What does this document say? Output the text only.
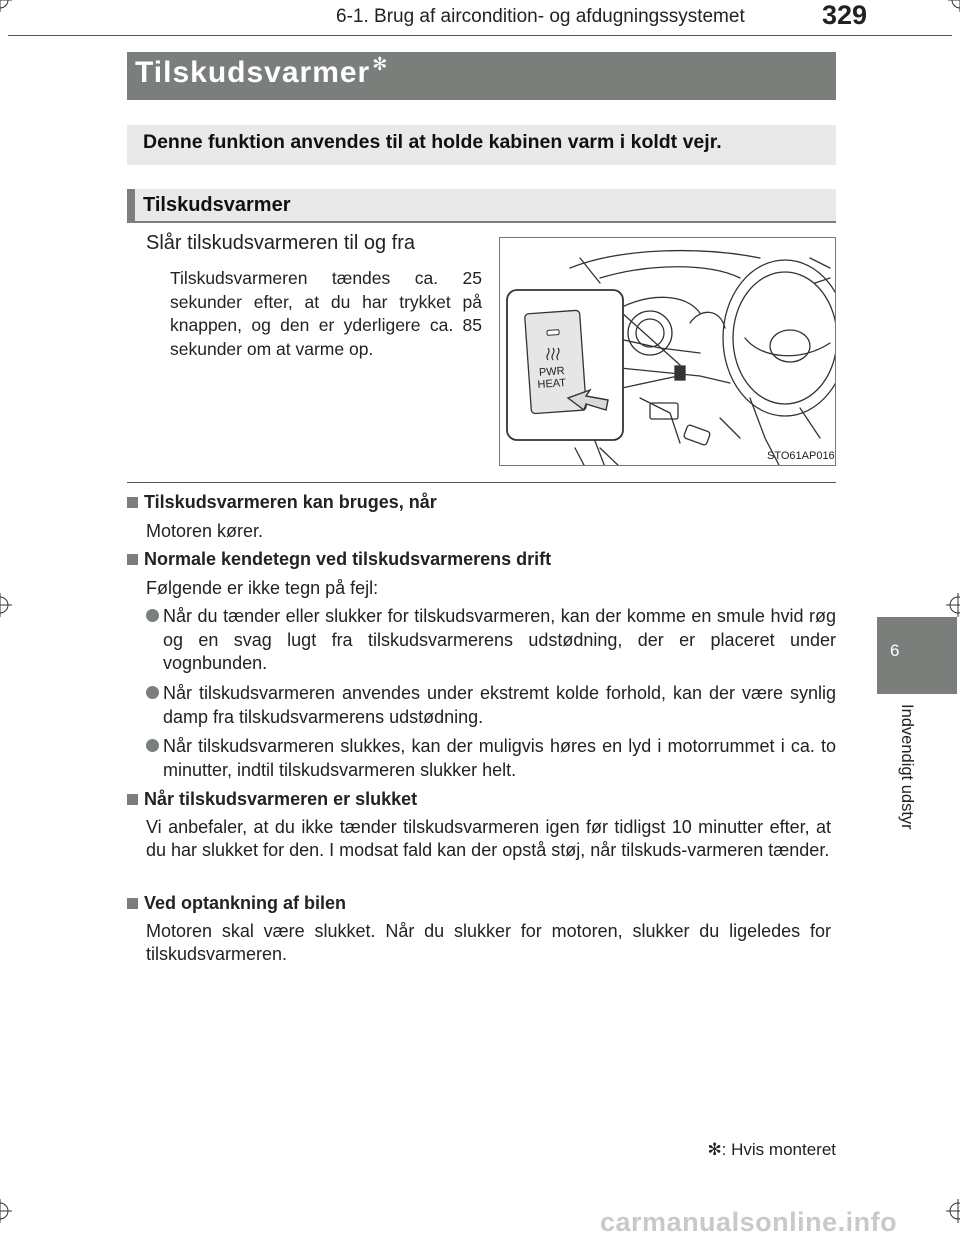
6-1. Brug af aircondition- og afdugningssystemet	329
Tilskudsvarmer ✻
Denne funktion anvendes til at holde kabinen varm i koldt vejr.
Tilskudsvarmer
Slår tilskudsvarmeren til og fra
Tilskudsvarmeren tændes ca. 25 sekunder efter, at du har trykket på knappen, og den er yderligere ca. 85 sekunder om at varme op.
PWR
HEAT
STO61AP016
Tilskudsvarmeren kan bruges, når
Motoren kører.
Normale kendetegn ved tilskudsvarmerens drift
Følgende er ikke tegn på fejl:
Når du tænder eller slukker for tilskudsvarmeren, kan der komme en smule hvid røg og en svag lugt fra tilskudsvarmerens udstødning, der er placeret under vognbunden.
Når tilskudsvarmeren anvendes under ekstremt kolde forhold, kan der være synlig damp fra tilskudsvarmerens udstødning.
Når tilskudsvarmeren slukkes, kan der muligvis høres en lyd i motorrummet i ca. to minutter, indtil tilskudsvarmeren slukker helt.
Når tilskudsvarmeren er slukket
Vi anbefaler, at du ikke tænder tilskudsvarmeren igen før tidligst 10 minutter efter, at du har slukket for den. I modsat fald kan der opstå støj, når tilskuds-varmeren tænder.
Ved optankning af bilen
Motoren skal være slukket. Når du slukker for motoren, slukker du ligeledes for tilskudsvarmeren.
✻: Hvis monteret
6
Indvendigt udstyr
carmanualsonline.info
